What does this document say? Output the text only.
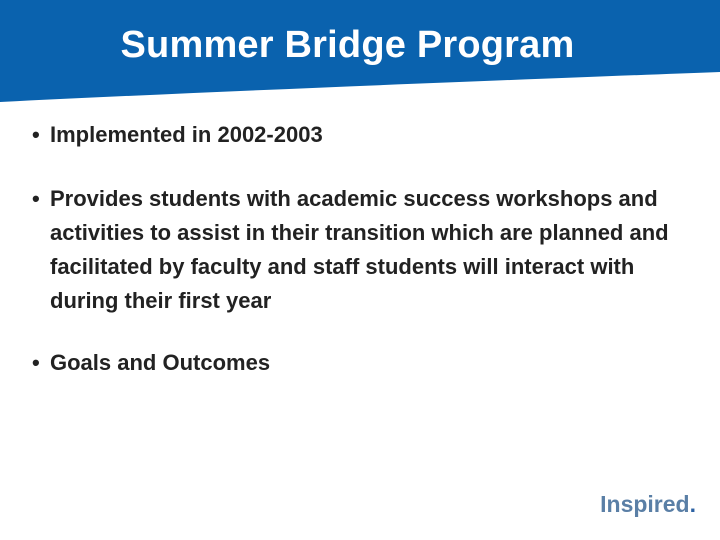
Summer Bridge Program
• Implemented in 2002-2003
• Provides students with academic success workshops and activities to assist in their transition which are planned and facilitated by faculty and staff students will interact with during their first year
• Goals and Outcomes
Inspired.
